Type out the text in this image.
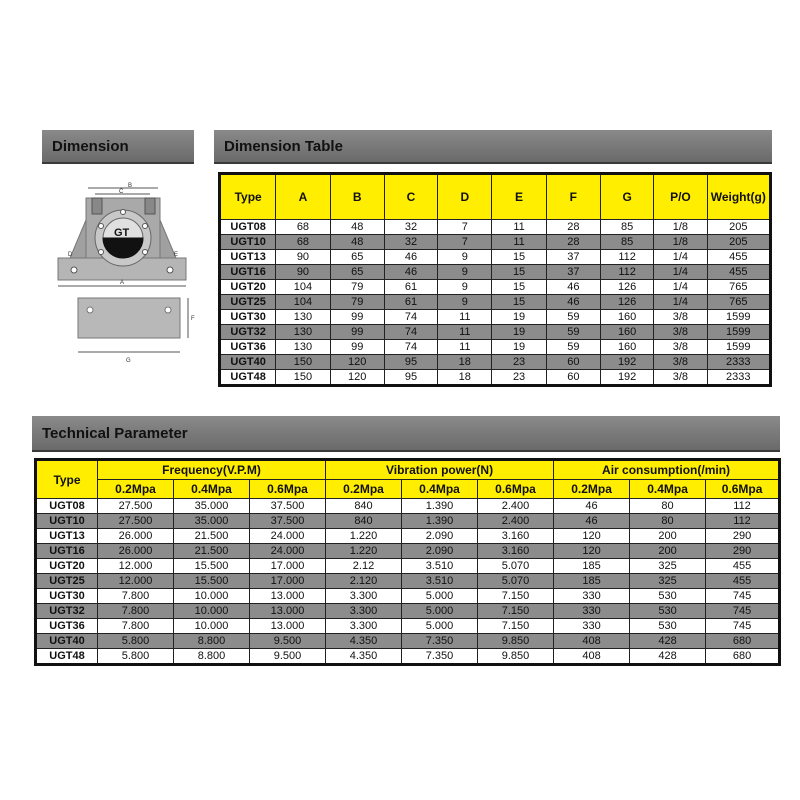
Dimension	Dimension Table
B
C
GT
D	E
A
G
F
Type	A	B	C	D	E	F	G	P/O	Weight(g)
UGT08	68	48	32	7	11	28	85	1/8	205
UGT10	68	48	32	7	11	28	85	1/8	205
UGT13	90	65	46	9	15	37	112	1/4	455
UGT16	90	65	46	9	15	37	112	1/4	455
UGT20	104	79	61	9	15	46	126	1/4	765
UGT25	104	79	61	9	15	46	126	1/4	765
UGT30	130	99	74	11	19	59	160	3/8	1599
UGT32	130	99	74	11	19	59	160	3/8	1599
UGT36	130	99	74	11	19	59	160	3/8	1599
UGT40	150	120	95	18	23	60	192	3/8	2333
UGT48	150	120	95	18	23	60	192	3/8	2333
Technical Parameter
Type	Frequency(V.P.M)			Vibration power(N)			Air consumption(/min)		
	0.2Mpa	0.4Mpa	0.6Mpa	0.2Mpa	0.4Mpa	0.6Mpa	0.2Mpa	0.4Mpa	0.6Mpa
UGT08	27.500	35.000	37.500	840	1.390	2.400	46	80	112
UGT10	27.500	35.000	37.500	840	1.390	2.400	46	80	112
UGT13	26.000	21.500	24.000	1.220	2.090	3.160	120	200	290
UGT16	26.000	21.500	24.000	1.220	2.090	3.160	120	200	290
UGT20	12.000	15.500	17.000	2.12	3.510	5.070	185	325	455
UGT25	12.000	15.500	17.000	2.120	3.510	5.070	185	325	455
UGT30	7.800	10.000	13.000	3.300	5.000	7.150	330	530	745
UGT32	7.800	10.000	13.000	3.300	5.000	7.150	330	530	745
UGT36	7.800	10.000	13.000	3.300	5.000	7.150	330	530	745
UGT40	5.800	8.800	9.500	4.350	7.350	9.850	408	428	680
UGT48	5.800	8.800	9.500	4.350	7.350	9.850	408	428	680
